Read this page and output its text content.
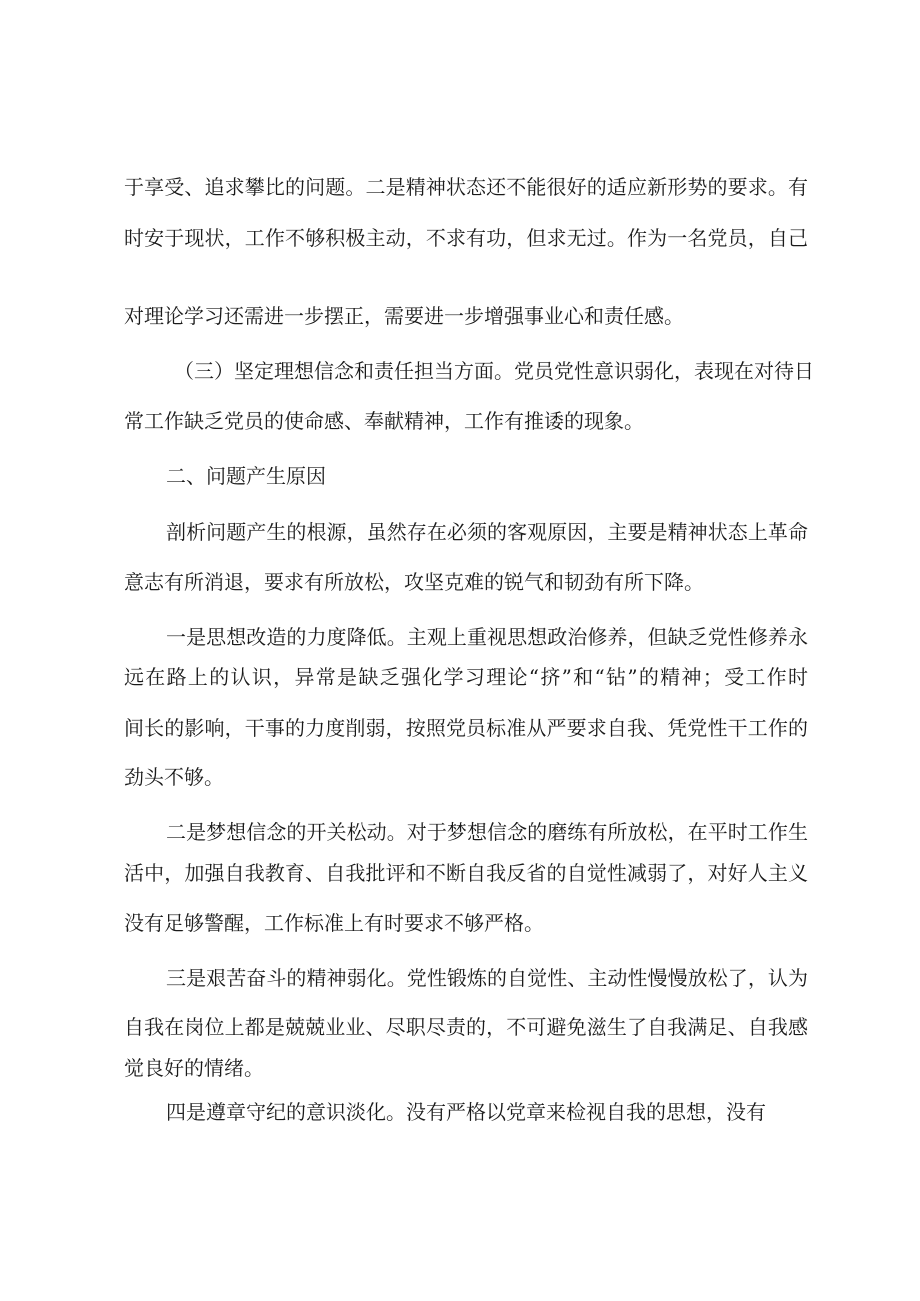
于享受、追求攀比的问题。二是精神状态还不能很好的适应新形势的要求。有
时安于现状，工作不够积极主动，不求有功，但求无过。作为一名党员，自己
对理论学习还需进一步摆正，需要进一步增强事业心和责任感。
（三）坚定理想信念和责任担当方面。党员党性意识弱化，表现在对待日
常工作缺乏党员的使命感、奉献精神，工作有推诿的现象。
二、问题产生原因
剖析问题产生的根源，虽然存在必须的客观原因，主要是精神状态上革命
意志有所消退，要求有所放松，攻坚克难的锐气和韧劲有所下降。
一是思想改造的力度降低。主观上重视思想政治修养，但缺乏党性修养永
远在路上的认识，异常是缺乏强化学习理论“挤”和“钻”的精神；受工作时
间长的影响，干事的力度削弱，按照党员标准从严要求自我、凭党性干工作的
劲头不够。
二是梦想信念的开关松动。对于梦想信念的磨练有所放松，在平时工作生
活中，加强自我教育、自我批评和不断自我反省的自觉性减弱了，对好人主义
没有足够警醒，工作标准上有时要求不够严格。
三是艰苦奋斗的精神弱化。党性锻炼的自觉性、主动性慢慢放松了，认为
自我在岗位上都是兢兢业业、尽职尽责的，不可避免滋生了自我满足、自我感
觉良好的情绪。
四是遵章守纪的意识淡化。没有严格以党章来检视自我的思想，没有
